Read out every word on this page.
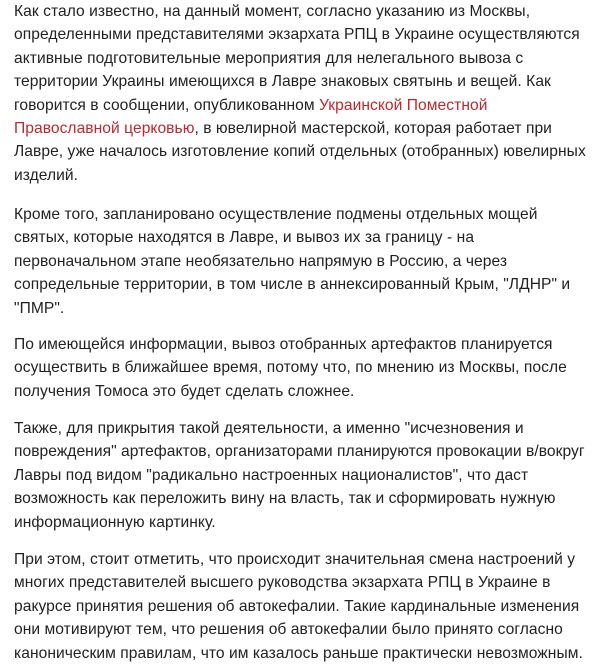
Как стало известно, на данный момент, согласно указанию из Москвы,
определенными представителями экзархата РПЦ в Украине осуществляются
активные подготовительные мероприятия для нелегального вывоза с
территории Украины имеющихся в Лавре знаковых святынь и вещей. Как
говорится в сообщении, опубликованном Украинской Поместной
Православной церковью, в ювелирной мастерской, которая работает при
Лавре, уже началось изготовление копий отдельных (отобранных) ювелирных
изделий.

Кроме того, запланировано осуществление подмены отдельных мощей
святых, которые находятся в Лавре, и вывоз их за границу - на
первоначальном этапе необязательно напрямую в Россию, а через
сопредельные территории, в том числе в аннексированный Крым, "ЛДНР" и
"ПМР".

По имеющейся информации, вывоз отобранных артефактов планируется
осуществить в ближайшее время, потому что, по мнению из Москвы, после
получения Томоса это будет сделать сложнее.

Также, для прикрытия такой деятельности, а именно "исчезновения и
повреждения" артефактов, организаторами планируются провокации в/вокруг
Лавры под видом "радикально настроенных националистов", что даст
возможность как переложить вину на власть, так и сформировать нужную
информационную картинку.

При этом, стоит отметить, что происходит значительная смена настроений у
многих представителей высшего руководства экзархата РПЦ в Украине в
ракурсе принятия решения об автокефалии. Такие кардинальные изменения
они мотивируют тем, что решения об автокефалии было принято согласно
каноническим правилам, что им казалось раньше практически невозможным.
